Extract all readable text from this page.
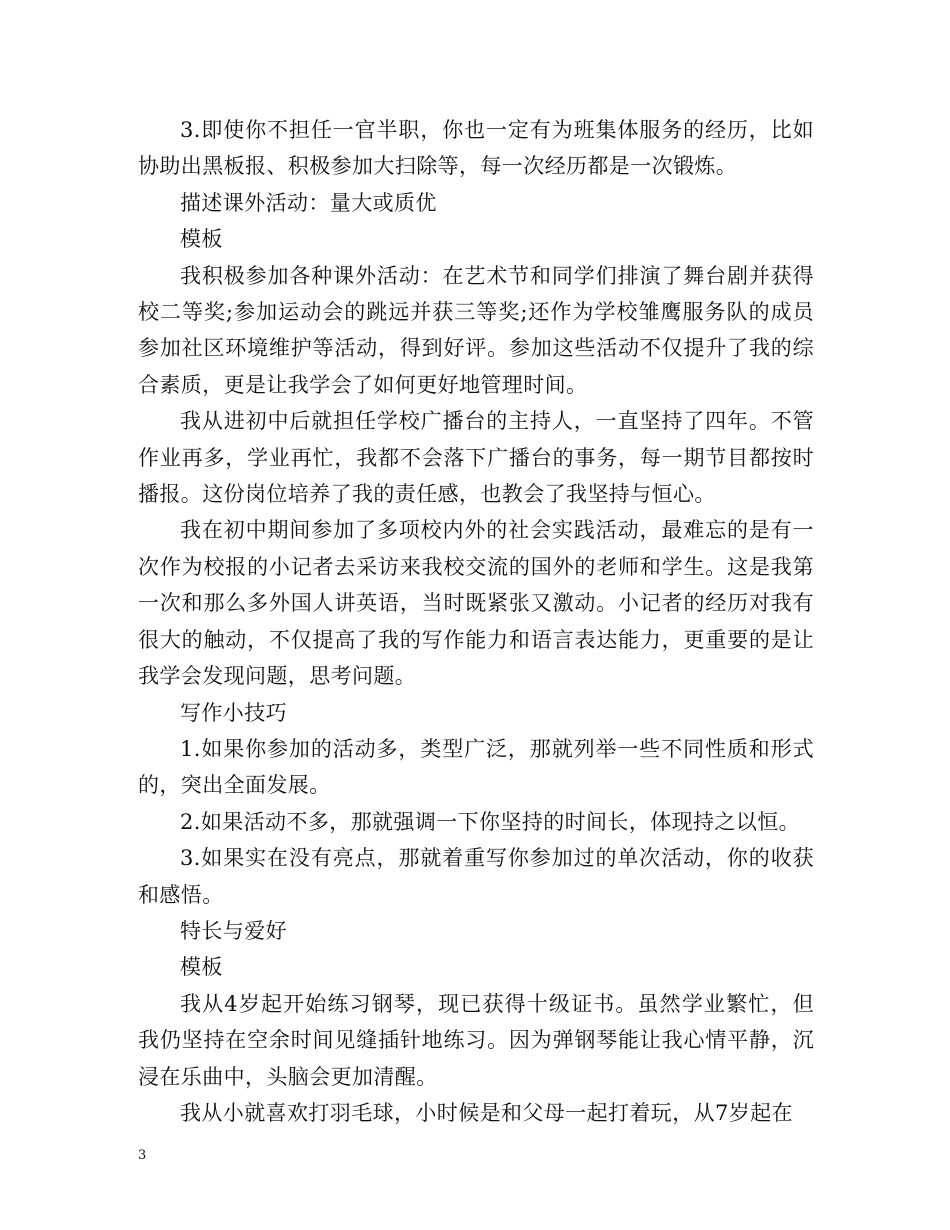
3.即使你不担任一官半职，你也一定有为班集体服务的经历，比如协助出黑板报、积极参加大扫除等，每一次经历都是一次锻炼。

描述课外活动：量大或质优

模板

我积极参加各种课外活动：在艺术节和同学们排演了舞台剧并获得校二等奖;参加运动会的跳远并获三等奖;还作为学校雏鹰服务队的成员参加社区环境维护等活动，得到好评。参加这些活动不仅提升了我的综合素质，更是让我学会了如何更好地管理时间。

我从进初中后就担任学校广播台的主持人，一直坚持了四年。不管作业再多，学业再忙，我都不会落下广播台的事务，每一期节目都按时播报。这份岗位培养了我的责任感，也教会了我坚持与恒心。

我在初中期间参加了多项校内外的社会实践活动，最难忘的是有一次作为校报的小记者去采访来我校交流的国外的老师和学生。这是我第一次和那么多外国人讲英语，当时既紧张又激动。小记者的经历对我有很大的触动，不仅提高了我的写作能力和语言表达能力，更重要的是让我学会发现问题，思考问题。

写作小技巧

1.如果你参加的活动多，类型广泛，那就列举一些不同性质和形式的，突出全面发展。

2.如果活动不多，那就强调一下你坚持的时间长，体现持之以恒。

3.如果实在没有亮点，那就着重写你参加过的单次活动，你的收获和感悟。

特长与爱好

模板

我从4岁起开始练习钢琴，现已获得十级证书。虽然学业繁忙，但我仍坚持在空余时间见缝插针地练习。因为弹钢琴能让我心情平静，沉浸在乐曲中，头脑会更加清醒。

我从小就喜欢打羽毛球，小时候是和父母一起打着玩，从7岁起在

3
